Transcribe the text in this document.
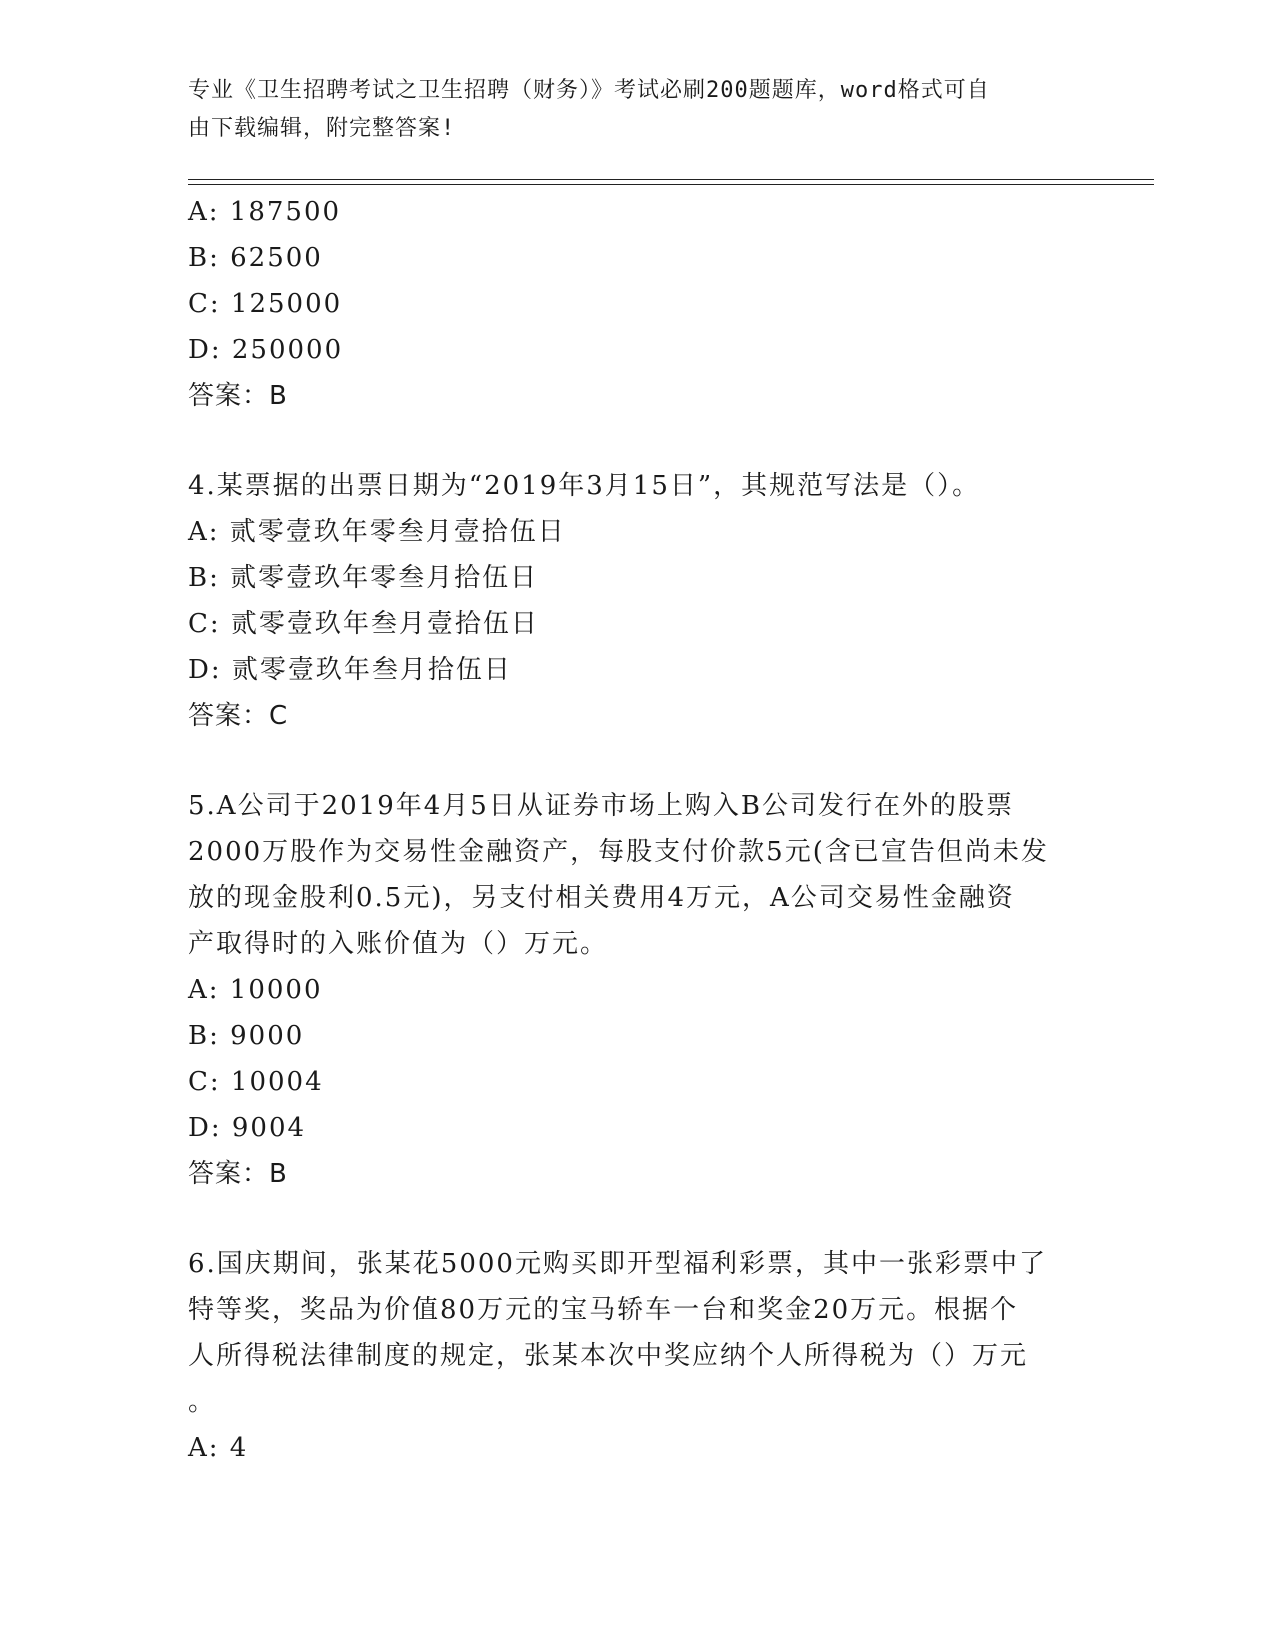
专业《卫生招聘考试之卫生招聘（财务）》考试必刷200题题库，word格式可自
由下载编辑，附完整答案!
A: 187500
B: 62500
C: 125000
D: 250000
答案：B
4.某票据的出票日期为“2019年3月15日”，其规范写法是（）。
A: 贰零壹玖年零叁月壹拾伍日
B: 贰零壹玖年零叁月拾伍日
C: 贰零壹玖年叁月壹拾伍日
D: 贰零壹玖年叁月拾伍日
答案：C
5.A公司于2019年4月5日从证券市场上购入B公司发行在外的股票
2000万股作为交易性金融资产，每股支付价款5元(含已宣告但尚未发
放的现金股利0.5元)，另支付相关费用4万元，A公司交易性金融资
产取得时的入账价值为（）万元。
A: 10000
B: 9000
C: 10004
D: 9004
答案：B
6.国庆期间，张某花5000元购买即开型福利彩票，其中一张彩票中了
特等奖，奖品为价值80万元的宝马轿车一台和奖金20万元。根据个
人所得税法律制度的规定，张某本次中奖应纳个人所得税为（）万元
。
A: 4
